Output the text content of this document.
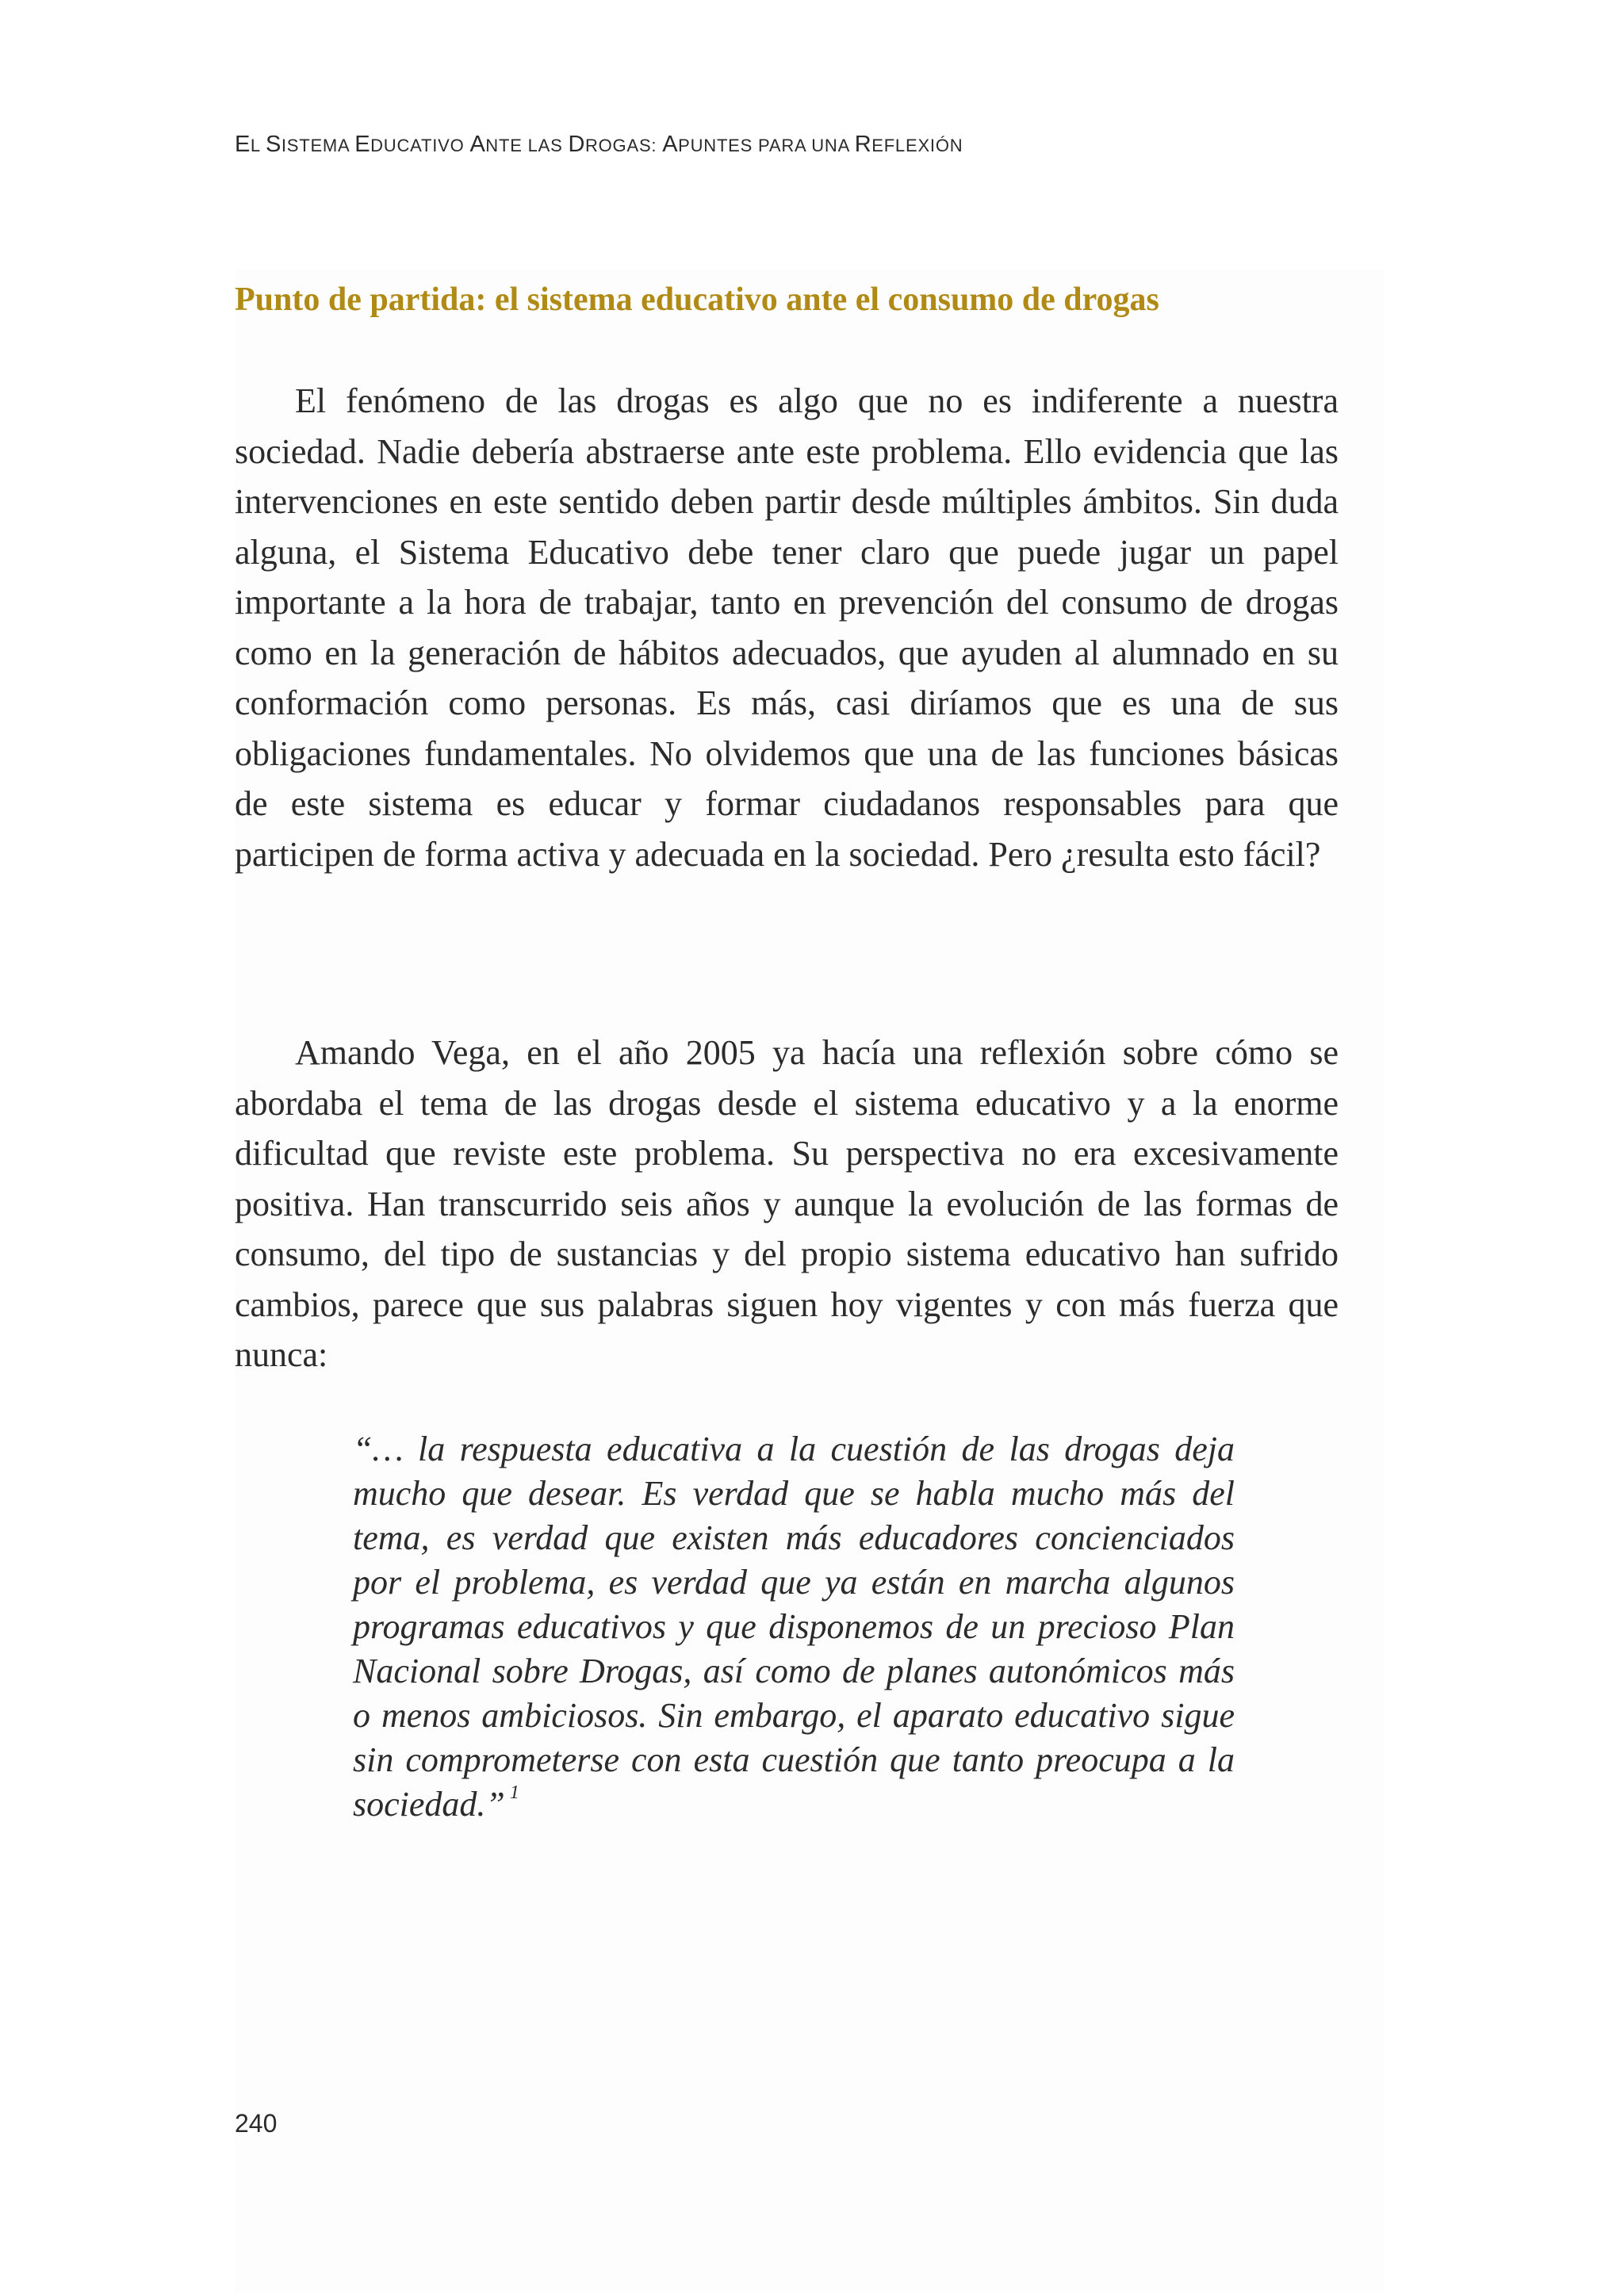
EL SISTEMA EDUCATIVO ANTE LAS DROGAS: APUNTES PARA UNA REFLEXIÓN
Punto de partida: el sistema educativo ante el consumo de drogas

El fenómeno de las drogas es algo que no es indiferente a nuestra sociedad. Nadie debería abstraerse ante este problema. Ello evidencia que las intervenciones en este sentido deben partir desde múltiples ámbitos. Sin duda alguna, el Sistema Educativo debe tener claro que puede jugar un papel importante a la hora de trabajar, tanto en prevención del consumo de drogas como en la generación de hábitos adecuados, que ayuden al alumnado en su conformación como personas. Es más, casi diríamos que es una de sus obligaciones fundamentales. No olvidemos que una de las funciones básicas de este sistema es educar y formar ciudadanos responsables para que participen de forma activa y adecuada en la sociedad. Pero ¿resulta esto fácil?

Amando Vega, en el año 2005 ya hacía una reflexión sobre cómo se abordaba el tema de las drogas desde el sistema educativo y a la enorme dificultad que reviste este problema. Su perspectiva no era excesivamente positiva. Han transcurrido seis años y aunque la evolución de las formas de consumo, del tipo de sustancias y del propio sistema educativo han sufrido cambios, parece que sus palabras siguen hoy vigentes y con más fuerza que nunca:

“… la respuesta educativa a la cuestión de las drogas deja mucho que desear. Es verdad que se habla mucho más del tema, es verdad que existen más educadores concienciados por el problema, es verdad que ya están en marcha algunos programas educativos y que disponemos de un precioso Plan Nacional sobre Drogas, así como de planes autonómicos más o menos ambiciosos. Sin embargo, el aparato educativo sigue sin comprometerse con esta cuestión que tanto preocupa a la sociedad.” $^1$
240
